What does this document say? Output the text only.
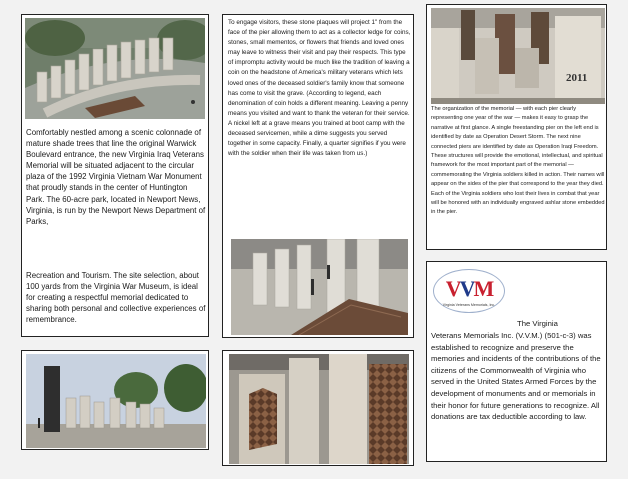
Comfortably nestled among a scenic colonnade of mature shade trees that line the original Warwick Boulevard entrance, the new Virginia Iraq Veterans Memorial will be situated adjacent to the circular plaza of the 1992 Virginia Vietnam War Monument that proudly stands in the center of Huntington Park. The 60-acre park, located in Newport News, Virginia, is run by the Newport News Department of Parks,
Recreation and Tourism. The site selection, about 100 yards from the Virginia War Museum, is ideal for creating a respectful memorial dedicated to sharing both personal and collective experiences of remembrance.
To engage visitors, these stone plaques will project 1" from the face of the pier allowing them to act as a collector ledge for coins, stones, small mementos, or flowers that friends and loved ones may leave to witness their visit and pay their respects. This type of impromptu activity would be much like the tradition of leaving a coin on the headstone of America's military veterans which lets loved ones of the deceased soldier's family know that someone has come to visit the grave. (According to legend, each denomination of coin holds a different meaning. Leaving a penny means you visited and want to thank the veteran for their service. A nickel left at a grave means you trained at boot camp with the deceased servicemen, while a dime suggests you served together in some capacity. Finally, a quarter signifies if you were with the soldier when their life was taken from us.)
2011
The organization of the memorial — with each pier clearly representing one year of the war — makes it easy to grasp the narrative at first glance. A single freestanding pier on the left end is identified by date as Operation Desert Storm. The next nine connected piers are identified by date as Operation Iraqi Freedom. These structures will provide the emotional, intellectual, and spiritual framework for the most important part of the memorial — commemorating the Virginia soldiers killed in action. Their names will appear on the sides of the pier that correspond to the year they died. Each of the Virginia soldiers who lost their lives in combat that year will be honored with an individually engraved ashlar stone embedded in the pier.
VVM
Virginia Veterans Memorials, Inc.
The Virginia
Veterans Memorials Inc. (V.V.M.) (501-c-3) was established to recognize and preserve the memories and incidents of the contributions of the citizens of the Commonwealth of Virginia who served in the United States Armed Forces by the development of monuments and or memorials in their honor for future generations to recognize. All donations are tax deductible according to law.
